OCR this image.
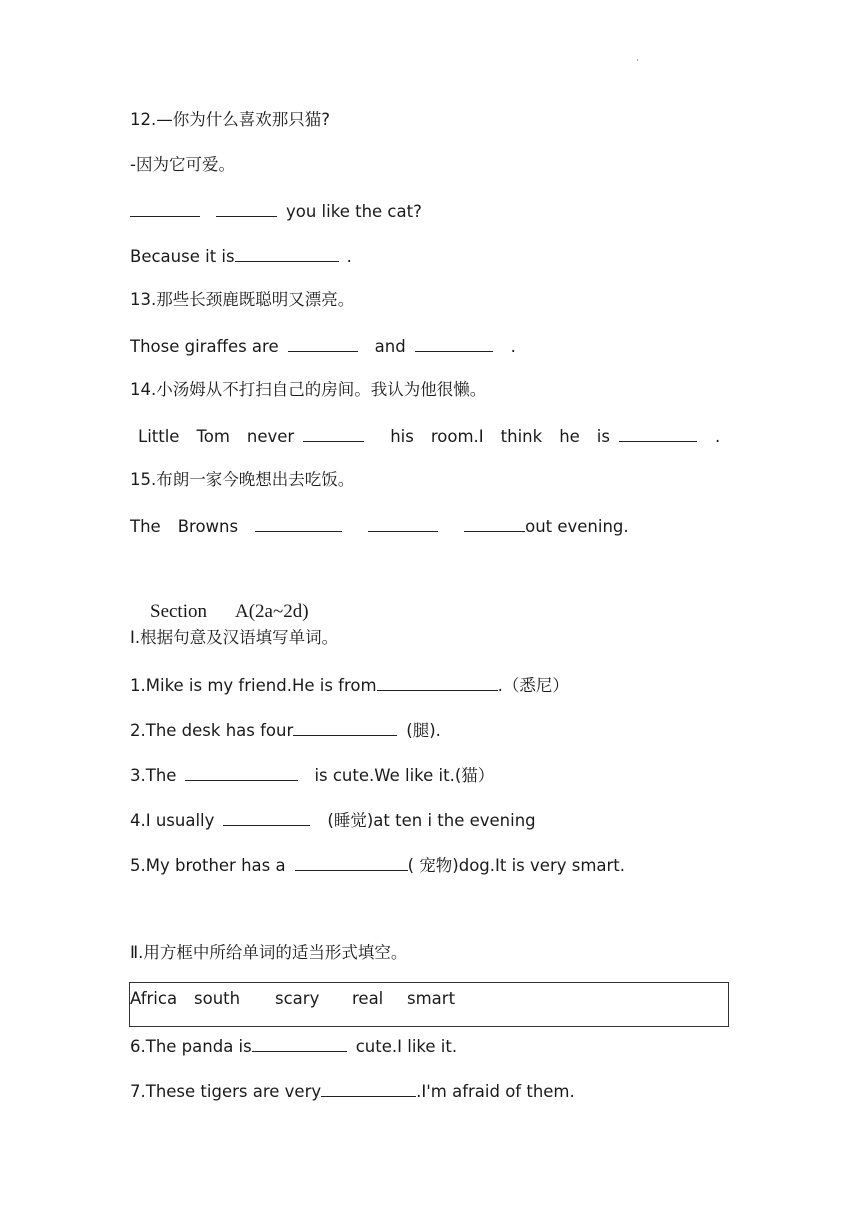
·
12.—你为什么喜欢那只猫?
-因为它可爱。
you like the cat?
Because it is	.
13.那些长颈鹿既聪明又漂亮。
Those giraffes are	and	.
14.小汤姆从不打扫自己的房间。我认为他很懒。
Little Tom never	his room.I think he is	.
15.布朗一家今晚想出去吃饭。
The Browns	out evening.
Section A(2a~2d)
Ⅰ.根据句意及汉语填写单词。
1.Mike is my friend.He is from	.（悉尼）
2.The desk has four	(腿).
3.The	is cute.We like it.(猫）
4.I usually	(睡觉)at ten i the evening
5.My brother has a	( 宠物)dog.It is very smart.
Ⅱ.用方框中所给单词的适当形式填空。
Africa south scary real smart
6.The panda is	cute.I like it.
7.These tigers are very	.I'm afraid of them.
